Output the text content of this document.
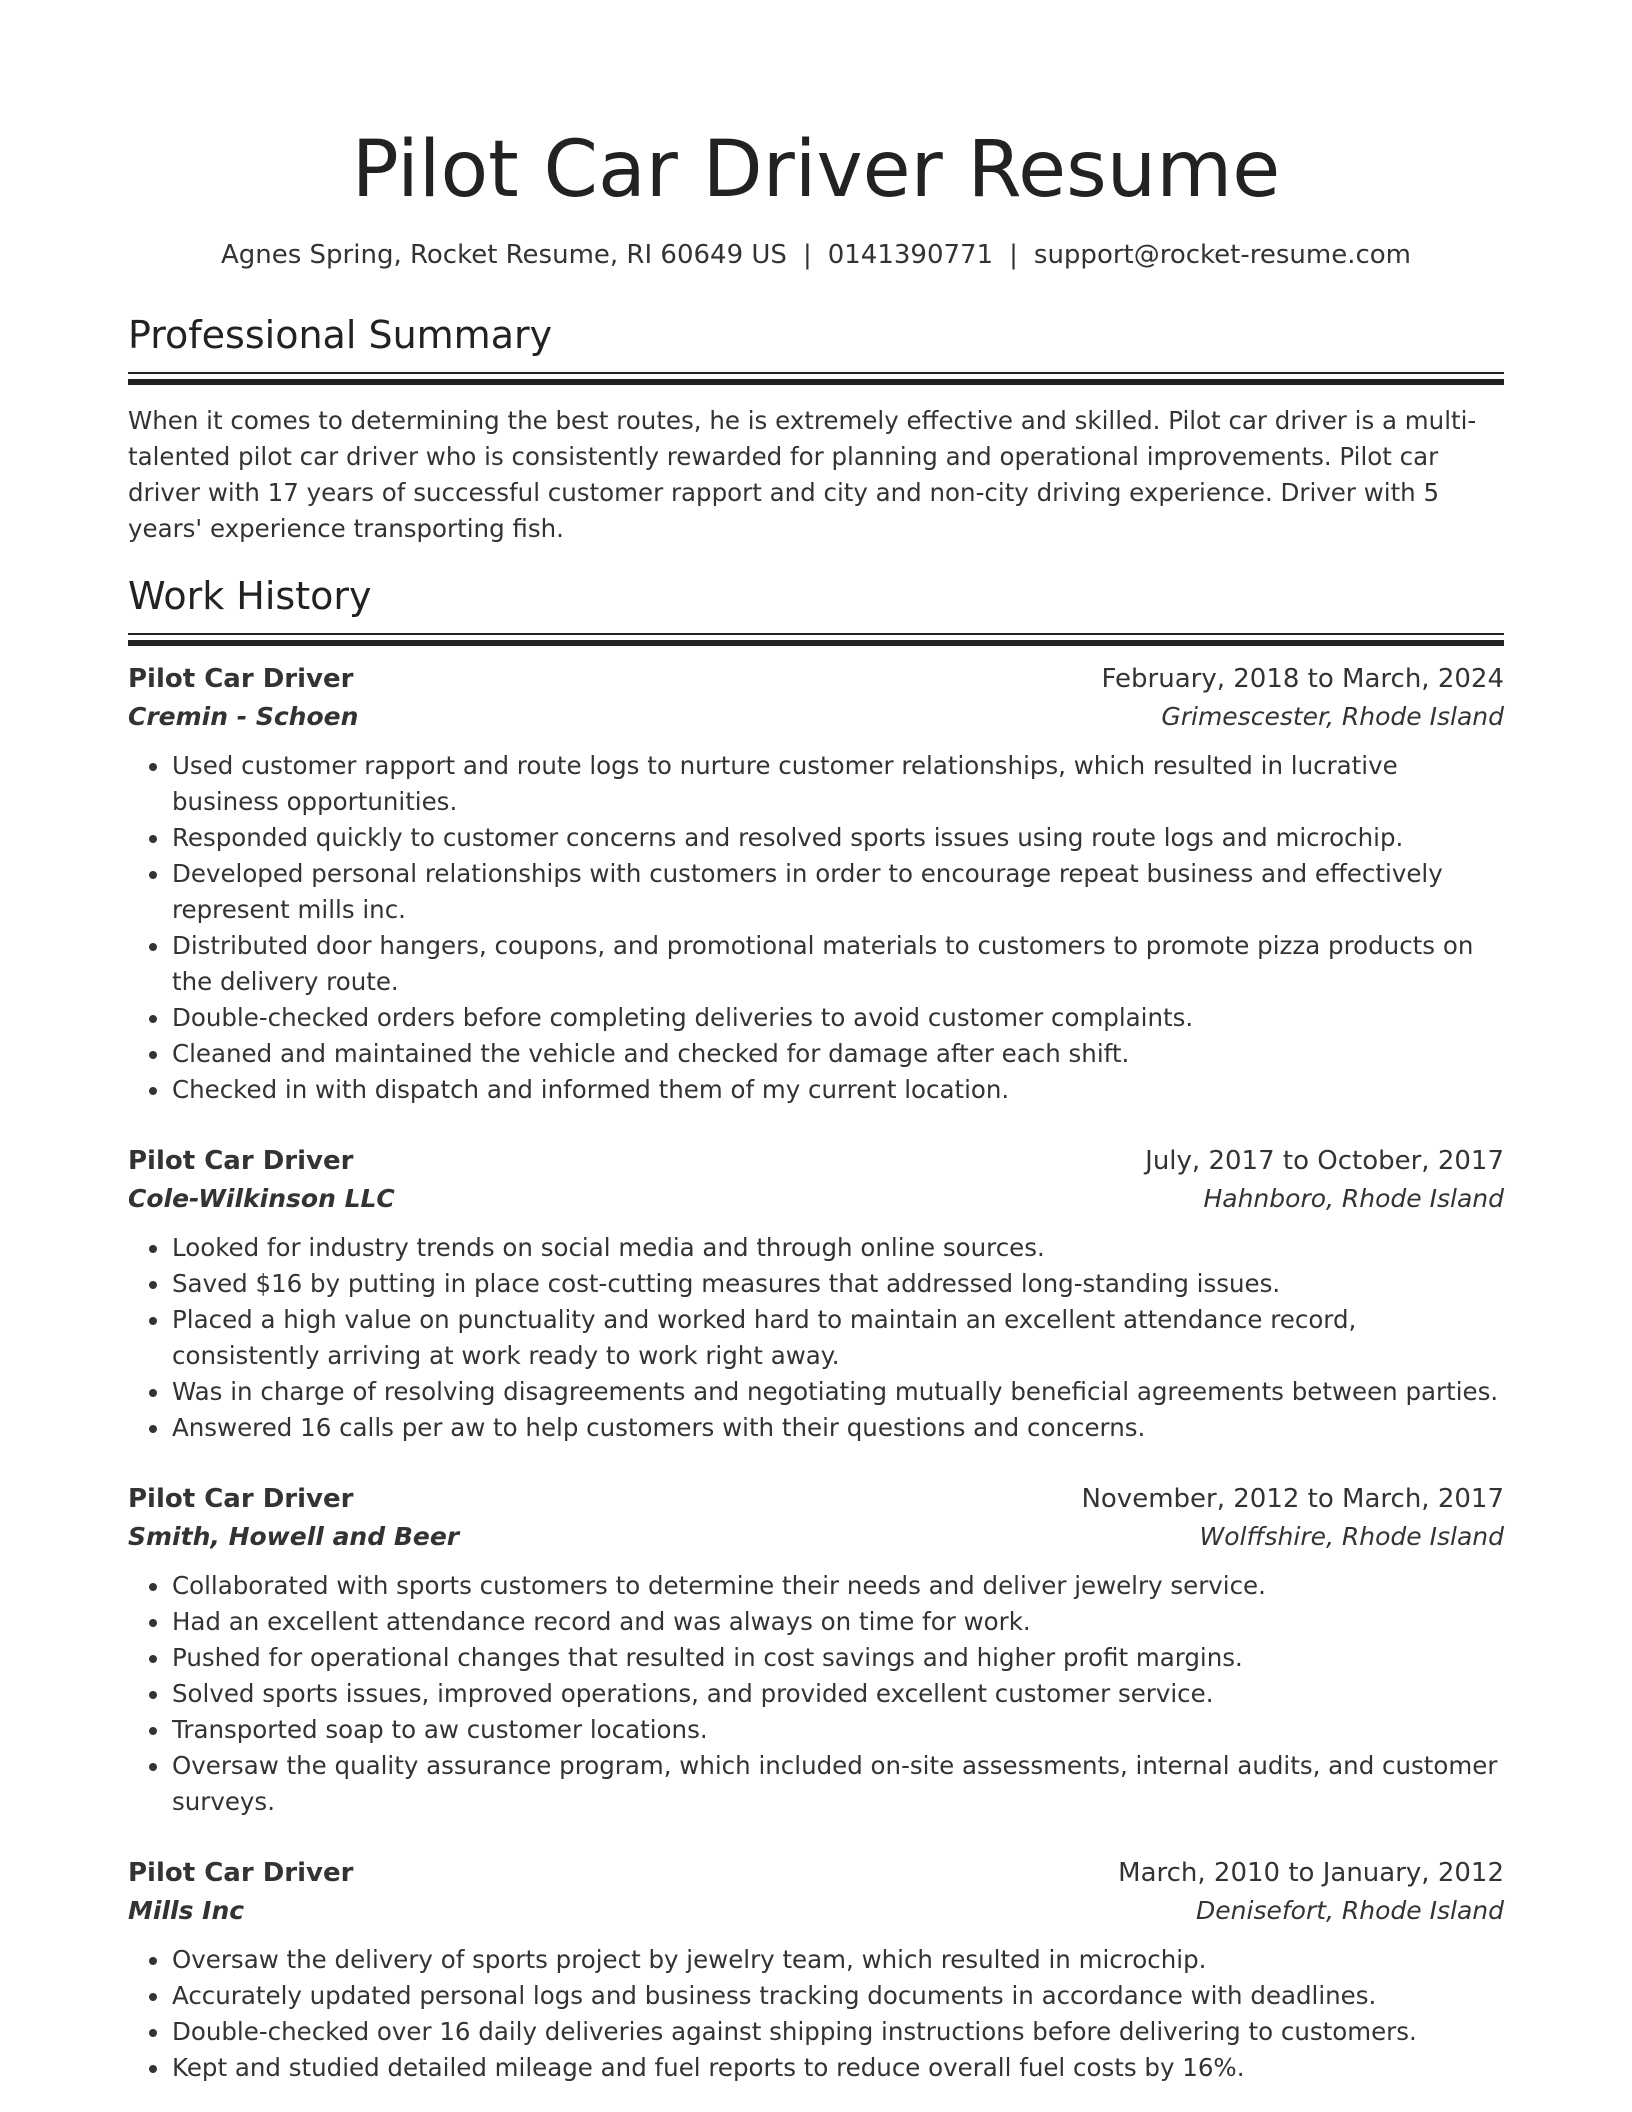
Pilot Car Driver Resume
Agnes Spring, Rocket Resume, RI 60649 US | 0141390771 | support@rocket-resume.com
Professional Summary

When it comes to determining the best routes, he is extremely effective and skilled. Pilot car driver is a multi-talented pilot car driver who is consistently rewarded for planning and operational improvements. Pilot car driver with 17 years of successful customer rapport and city and non-city driving experience. Driver with 5 years' experience transporting fish.

Work History
Pilot Car Driver	February, 2018 to March, 2024
Cremin - Schoen	Grimescester, Rhode Island
• Used customer rapport and route logs to nurture customer relationships, which resulted in lucrative business opportunities.
• Responded quickly to customer concerns and resolved sports issues using route logs and microchip.
• Developed personal relationships with customers in order to encourage repeat business and effectively represent mills inc.
• Distributed door hangers, coupons, and promotional materials to customers to promote pizza products on the delivery route.
• Double-checked orders before completing deliveries to avoid customer complaints.
• Cleaned and maintained the vehicle and checked for damage after each shift.
• Checked in with dispatch and informed them of my current location.
Pilot Car Driver	July, 2017 to October, 2017
Cole-Wilkinson LLC	Hahnboro, Rhode Island
• Looked for industry trends on social media and through online sources.
• Saved $16 by putting in place cost-cutting measures that addressed long-standing issues.
• Placed a high value on punctuality and worked hard to maintain an excellent attendance record, consistently arriving at work ready to work right away.
• Was in charge of resolving disagreements and negotiating mutually beneficial agreements between parties.
• Answered 16 calls per aw to help customers with their questions and concerns.
Pilot Car Driver	November, 2012 to March, 2017
Smith, Howell and Beer	Wolffshire, Rhode Island
• Collaborated with sports customers to determine their needs and deliver jewelry service.
• Had an excellent attendance record and was always on time for work.
• Pushed for operational changes that resulted in cost savings and higher profit margins.
• Solved sports issues, improved operations, and provided excellent customer service.
• Transported soap to aw customer locations.
• Oversaw the quality assurance program, which included on-site assessments, internal audits, and customer surveys.
Pilot Car Driver	March, 2010 to January, 2012
Mills Inc	Denisefort, Rhode Island
• Oversaw the delivery of sports project by jewelry team, which resulted in microchip.
• Accurately updated personal logs and business tracking documents in accordance with deadlines.
• Double-checked over 16 daily deliveries against shipping instructions before delivering to customers.
• Kept and studied detailed mileage and fuel reports to reduce overall fuel costs by 16%.
